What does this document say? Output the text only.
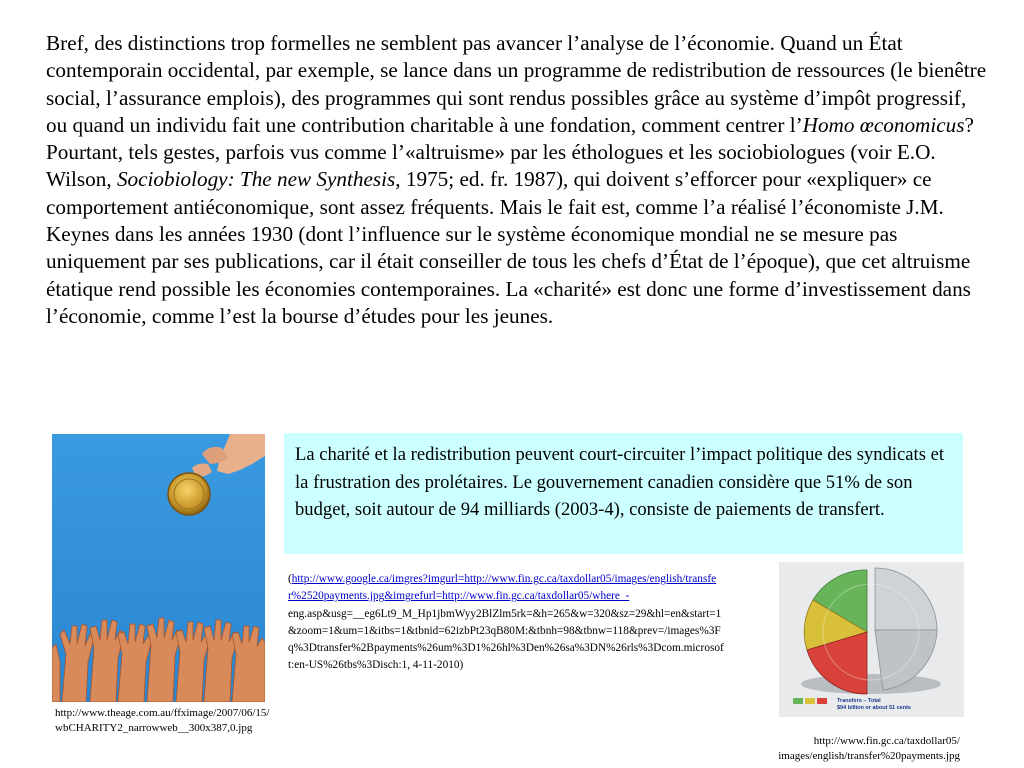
Bref, des distinctions trop formelles ne semblent pas avancer l’analyse de l’économie. Quand un État contemporain occidental, par exemple, se lance dans un programme de redistribution de ressources (le bienêtre social, l’assurance emplois), des programmes qui sont rendus possibles grâce au système d’impôt progressif, ou quand un individu fait une contribution charitable à une fondation, comment centrer l’Homo œconomicus? Pourtant, tels gestes, parfois vus comme l’«altruisme» par les éthologues et les sociobiologues (voir E.O. Wilson, Sociobiology: The new Synthesis, 1975; ed. fr. 1987), qui doivent s’efforcer pour «expliquer» ce comportement antiéconomique, sont assez fréquents. Mais le fait est, comme l’a réalisé l’économiste J.M. Keynes dans les années 1930 (dont l’influence sur le système économique mondial ne se mesure pas uniquement par ses publications, car il était conseiller de tous les chefs d’État de l’époque), que cet altruisme étatique rend possible les économies contemporaines. La «charité» est donc une forme d’investissement dans l’économie, comme l’est la bourse d’études pour les jeunes.

http://www.theage.com.au/ffximage/2007/06/15/wbCHARITY2_narrowweb__300x387,0.jpg
La charité et la redistribution peuvent court-circuiter l’impact politique des syndicats et la frustration des prolétaires. Le gouvernement canadien considère que 51% de son budget, soit autour de 94 milliards (2003-4), consiste de paiements de transfert.
(http://www.google.ca/imgres?imgurl=http://www.fin.gc.ca/taxdollar05/images/english/transfer%2520payments.jpg&imgrefurl=http://www.fin.gc.ca/taxdollar05/where_-
eng.asp&usg=__eg6Lt9_M_Hp1jbmWyy2BlZlm5rk=&h=265&w=320&sz=29&hl=en&start=1&zoom=1&um=1&itbs=1&tbnid=62izbPt23qB80M:&tbnh=98&tbnw=118&prev=/images%3Fq%3Dtransfer%2Bpayments%26um%3D1%26hl%3Den%26sa%3DN%26rls%3Dcom.microsoft:en-US%26tbs%3Disch:1, 4-11-2010)
Transfers – Total
$94 billion or about 51 cents
http://www.fin.gc.ca/taxdollar05/
images/english/transfer%20payments.jpg
